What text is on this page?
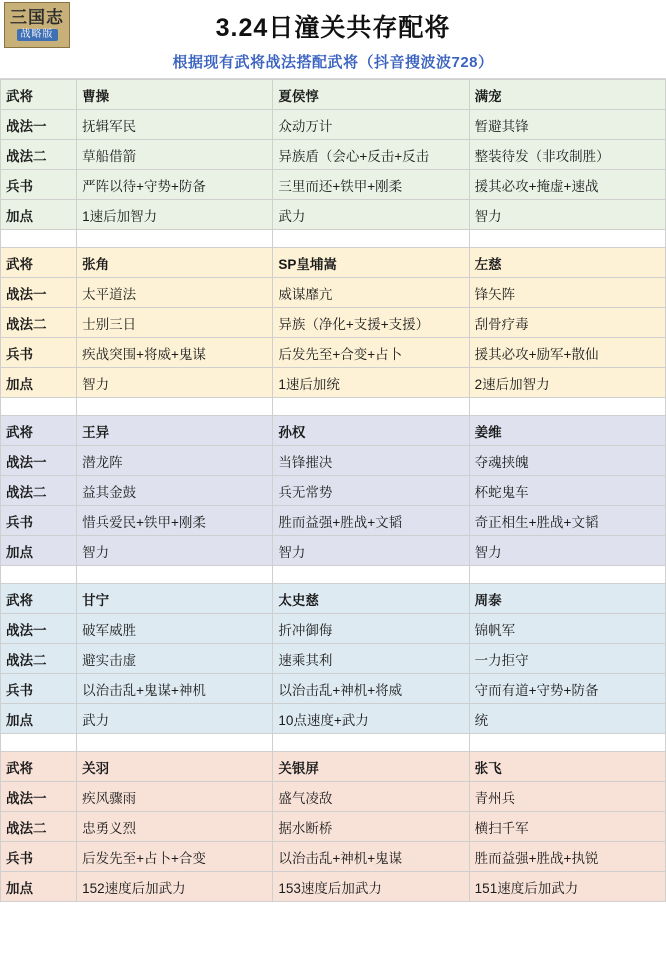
三国志
战略版	3.24日潼关共存配将
根据现有武将战法搭配武将（抖音搜波波728）
武将	曹操	夏侯惇	满宠
战法一	抚辑军民	众动万计	暂避其锋
战法二	草船借箭	异族盾（会心+反击+反击	整装待发（非攻制胜）
兵书	严阵以待+守势+防备	三里而还+铁甲+刚柔	援其必攻+掩虚+速战
加点	1速后加智力	武力	智力

武将	张角	SP皇埔嵩	左慈
战法一	太平道法	威谋靡亢	锋矢阵
战法二	士别三日	异族（净化+支援+支援）	刮骨疗毒
兵书	疾战突围+将威+鬼谋	后发先至+合变+占卜	援其必攻+励军+散仙
加点	智力	1速后加统	2速后加智力

武将	王异	孙权	姜维
战法一	潜龙阵	当锋摧决	夺魂挟魄
战法二	益其金鼓	兵无常势	杯蛇鬼车
兵书	惜兵爱民+铁甲+刚柔	胜而益强+胜战+文韬	奇正相生+胜战+文韬
加点	智力	智力	智力

武将	甘宁	太史慈	周泰
战法一	破军威胜	折冲御侮	锦帆军
战法二	避实击虚	速乘其利	一力拒守
兵书	以治击乱+鬼谋+神机	以治击乱+神机+将威	守而有道+守势+防备
加点	武力	10点速度+武力	统

武将	关羽	关银屏	张飞
战法一	疾风骤雨	盛气凌敌	青州兵
战法二	忠勇义烈	据水断桥	横扫千军
兵书	后发先至+占卜+合变	以治击乱+神机+鬼谋	胜而益强+胜战+执锐
加点	152速度后加武力	153速度后加武力	151速度后加武力
